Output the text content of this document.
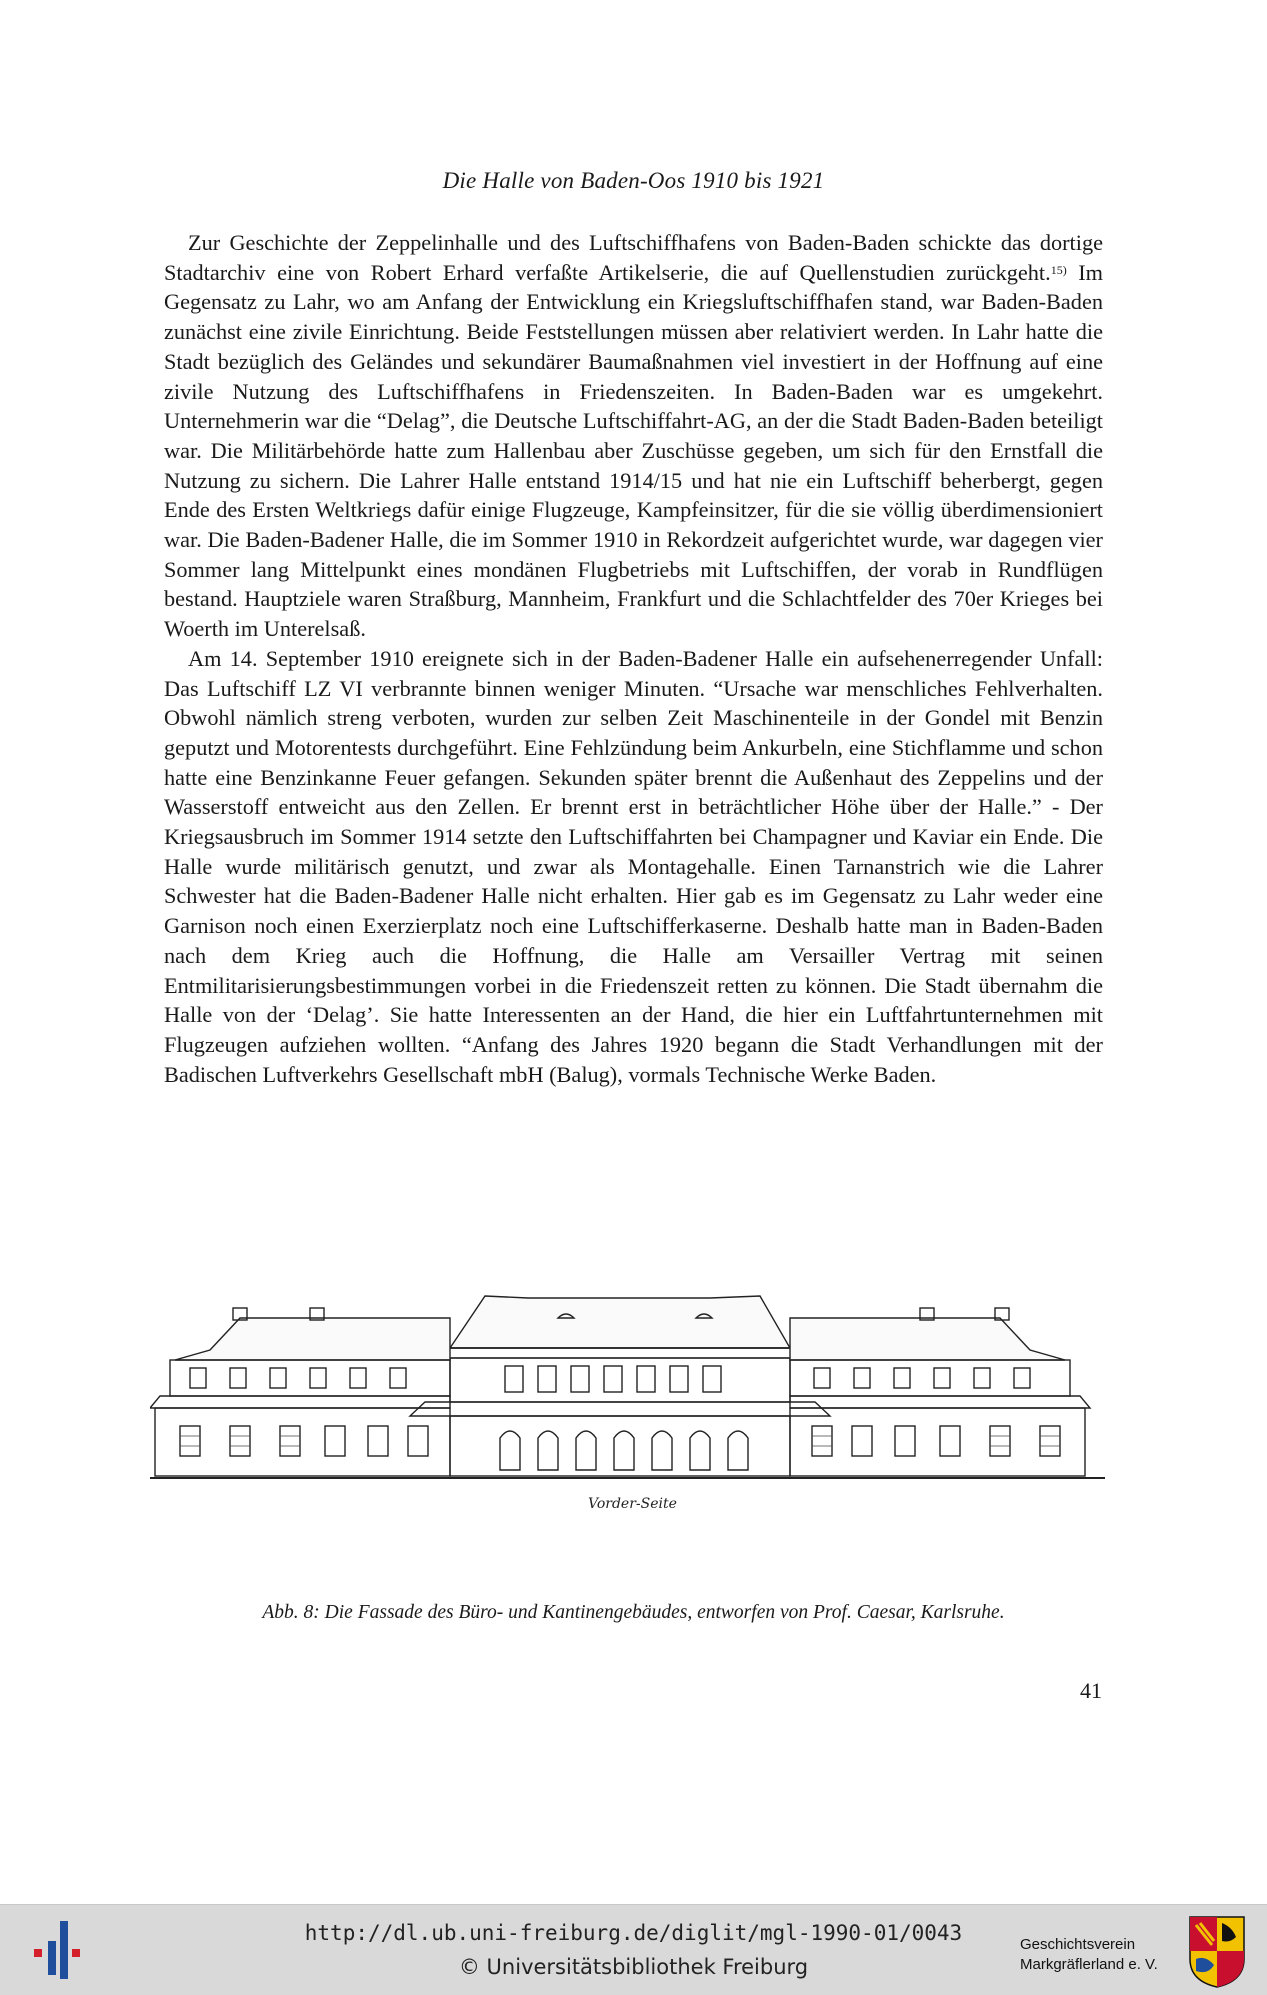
Die Halle von Baden-Oos 1910 bis 1921

Zur Geschichte der Zeppelinhalle und des Luftschiffhafens von Baden-Baden schickte das dortige Stadtarchiv eine von Robert Erhard verfaßte Artikelserie, die auf Quellenstudien zurückgeht.$^{15)}$ Im Gegensatz zu Lahr, wo am Anfang der Entwicklung ein Kriegsluftschiffhafen stand, war Baden-Baden zunächst eine zivile Einrichtung. Beide Feststellungen müssen aber relativiert werden. In Lahr hatte die Stadt bezüglich des Geländes und sekundärer Baumaßnahmen viel investiert in der Hoffnung auf eine zivile Nutzung des Luftschiffhafens in Friedenszeiten. In Baden-Baden war es umgekehrt. Unternehmerin war die “Delag”, die Deutsche Luftschiffahrt-AG, an der die Stadt Baden-Baden beteiligt war. Die Militärbehörde hatte zum Hallenbau aber Zuschüsse gegeben, um sich für den Ernstfall die Nutzung zu sichern. Die Lahrer Halle entstand 1914/15 und hat nie ein Luftschiff beherbergt, gegen Ende des Ersten Weltkriegs dafür einige Flugzeuge, Kampfeinsitzer, für die sie völlig überdimensioniert war. Die Baden-Badener Halle, die im Sommer 1910 in Rekordzeit aufgerichtet wurde, war dagegen vier Sommer lang Mittelpunkt eines mondänen Flugbetriebs mit Luftschiffen, der vorab in Rundflügen bestand. Hauptziele waren Straßburg, Mannheim, Frankfurt und die Schlachtfelder des 70er Krieges bei Woerth im Unterelsaß.

Am 14. September 1910 ereignete sich in der Baden-Badener Halle ein aufsehenerregender Unfall: Das Luftschiff LZ VI verbrannte binnen weniger Minuten. “Ursache war menschliches Fehlverhalten. Obwohl nämlich streng verboten, wurden zur selben Zeit Maschinenteile in der Gondel mit Benzin geputzt und Motorentests durchgeführt. Eine Fehlzündung beim Ankurbeln, eine Stichflamme und schon hatte eine Benzinkanne Feuer gefangen. Sekunden später brennt die Außenhaut des Zeppelins und der Wasserstoff entweicht aus den Zellen. Er brennt erst in beträchtlicher Höhe über der Halle.” - Der Kriegsausbruch im Sommer 1914 setzte den Luftschiffahrten bei Champagner und Kaviar ein Ende. Die Halle wurde militärisch genutzt, und zwar als Montagehalle. Einen Tarnanstrich wie die Lahrer Schwester hat die Baden-Badener Halle nicht erhalten. Hier gab es im Gegensatz zu Lahr weder eine Garnison noch einen Exerzierplatz noch eine Luftschifferkaserne. Deshalb hatte man in Baden-Baden nach dem Krieg auch die Hoffnung, die Halle am Versailler Vertrag mit seinen Entmilitarisierungsbestimmungen vorbei in die Friedenszeit retten zu können. Die Stadt übernahm die Halle von der ‘Delag’. Sie hatte Interessenten an der Hand, die hier ein Luftfahrtunternehmen mit Flugzeugen aufziehen wollten. “Anfang des Jahres 1920 begann die Stadt Verhandlungen mit der Badischen Luftverkehrs Gesellschaft mbH (Balug), vormals Technische Werke Baden.

Vorder-Seite
Abb. 8: Die Fassade des Büro- und Kantinengebäudes, entworfen von Prof. Caesar, Karlsruhe.
41
http://dl.ub.uni-freiburg.de/diglit/mgl-1990-01/0043
© Universitätsbibliothek Freiburg
Geschichtsverein
Markgräflerland e. V.
